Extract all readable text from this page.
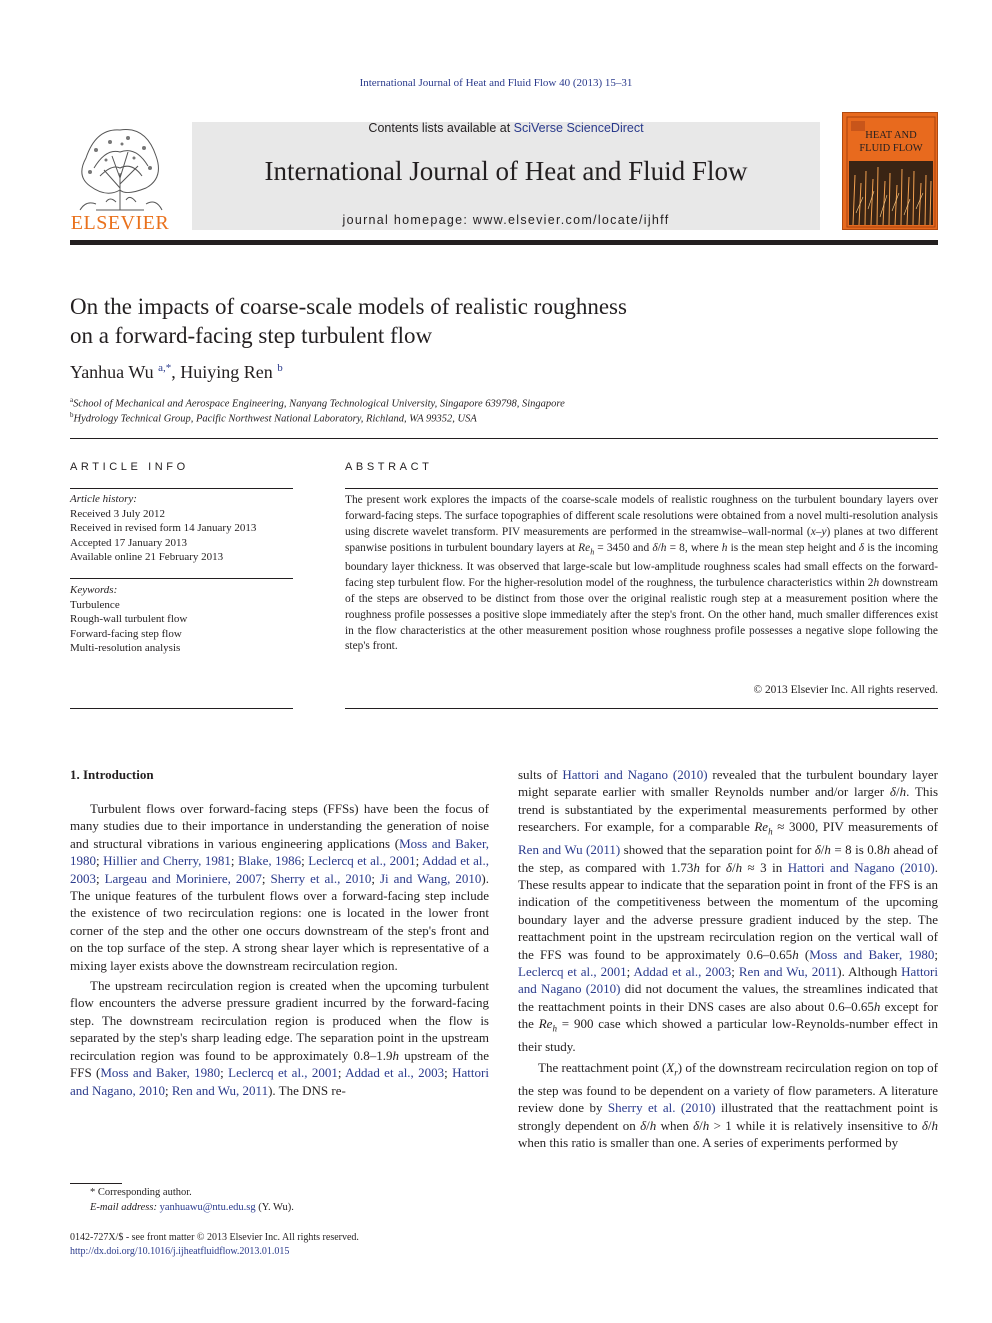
International Journal of Heat and Fluid Flow 40 (2013) 15–31
ELSEVIER
Contents lists available at SciVerse ScienceDirect
International Journal of Heat and Fluid Flow
journal homepage: www.elsevier.com/locate/ijhff
HEAT AND
FLUID FLOW
On the impacts of coarse-scale models of realistic roughness
on a forward-facing step turbulent flow
Yanhua Wu $^{a,*}$, Huiying Ren $^b$
$^a$School of Mechanical and Aerospace Engineering, Nanyang Technological University, Singapore 639798, Singapore
$^b$Hydrology Technical Group, Pacific Northwest National Laboratory, Richland, WA 99352, USA
ARTICLE INFO	ABSTRACT
Article history:
Received 3 July 2012
Received in revised form 14 January 2013
Accepted 17 January 2013
Available online 21 February 2013
Keywords:
Turbulence
Rough-wall turbulent flow
Forward-facing step flow
Multi-resolution analysis
The present work explores the impacts of the coarse-scale models of realistic roughness on the turbulent boundary layers over forward-facing steps. The surface topographies of different scale resolutions were obtained from a novel multi-resolution analysis using discrete wavelet transform. PIV measurements are performed in the streamwise–wall-normal (x–y) planes at two different spanwise positions in turbulent boundary layers at $Re_h = 3450$ and δ/h = 8, where h is the mean step height and δ is the incoming boundary layer thickness. It was observed that large-scale but low-amplitude roughness scales had small effects on the forward-facing step turbulent flow. For the higher-resolution model of the roughness, the turbulence characteristics within 2h downstream of the steps are observed to be distinct from those over the original realistic rough step at a measurement position where the roughness profile possesses a positive slope immediately after the step's front. On the other hand, much smaller differences exist in the flow characteristics at the other measurement position whose roughness profile possesses a negative slope following the step's front.
© 2013 Elsevier Inc. All rights reserved.
1. Introduction

Turbulent flows over forward-facing steps (FFSs) have been the focus of many studies due to their importance in understanding the generation of noise and structural vibrations in various engineering applications (Moss and Baker, 1980; Hillier and Cherry, 1981; Blake, 1986; Leclercq et al., 2001; Addad et al., 2003; Largeau and Moriniere, 2007; Sherry et al., 2010; Ji and Wang, 2010). The unique features of the turbulent flows over a forward-facing step include the existence of two recirculation regions: one is located in the lower front corner of the step and the other one occurs downstream of the step's front and on the top surface of the step. A strong shear layer which is representative of a mixing layer exists above the downstream recirculation region.

The upstream recirculation region is created when the upcoming turbulent flow encounters the adverse pressure gradient incurred by the forward-facing step. The downstream recirculation region is produced when the flow is separated by the step's sharp leading edge. The separation point in the upstream recirculation region was found to be approximately 0.8–1.9h upstream of the FFS (Moss and Baker, 1980; Leclercq et al., 2001; Addad et al., 2003; Hattori and Nagano, 2010; Ren and Wu, 2011). The DNS re-

sults of Hattori and Nagano (2010) revealed that the turbulent boundary layer might separate earlier with smaller Reynolds number and/or larger δ/h. This trend is substantiated by the experimental measurements performed by other researchers. For example, for a comparable $Re_h \approx 3000$, PIV measurements of Ren and Wu (2011) showed that the separation point for δ/h = 8 is 0.8h ahead of the step, as compared with 1.73h for δ/h ≈ 3 in Hattori and Nagano (2010). These results appear to indicate that the separation point in front of the FFS is an indication of the competitiveness between the momentum of the upcoming boundary layer and the adverse pressure gradient induced by the step. The reattachment point in the upstream recirculation region on the vertical wall of the FFS was found to be approximately 0.6–0.65h (Moss and Baker, 1980; Leclercq et al., 2001; Addad et al., 2003; Ren and Wu, 2011). Although Hattori and Nagano (2010) did not document the values, the streamlines indicated that the reattachment points in their DNS cases are also about 0.6–0.65h except for the $Re_h = 900$ case which showed a particular low-Reynolds-number effect in their study.

The reattachment point $(X_r)$ of the downstream recirculation region on top of the step was found to be dependent on a variety of flow parameters. A literature review done by Sherry et al. (2010) illustrated that the reattachment point is strongly dependent on δ/h when δ/h > 1 while it is relatively insensitive to δ/h when this ratio is smaller than one. A series of experiments performed by

* Corresponding author.
E-mail address: yanhuawu@ntu.edu.sg (Y. Wu).
0142-727X/$ - see front matter © 2013 Elsevier Inc. All rights reserved.
http://dx.doi.org/10.1016/j.ijheatfluidflow.2013.01.015
